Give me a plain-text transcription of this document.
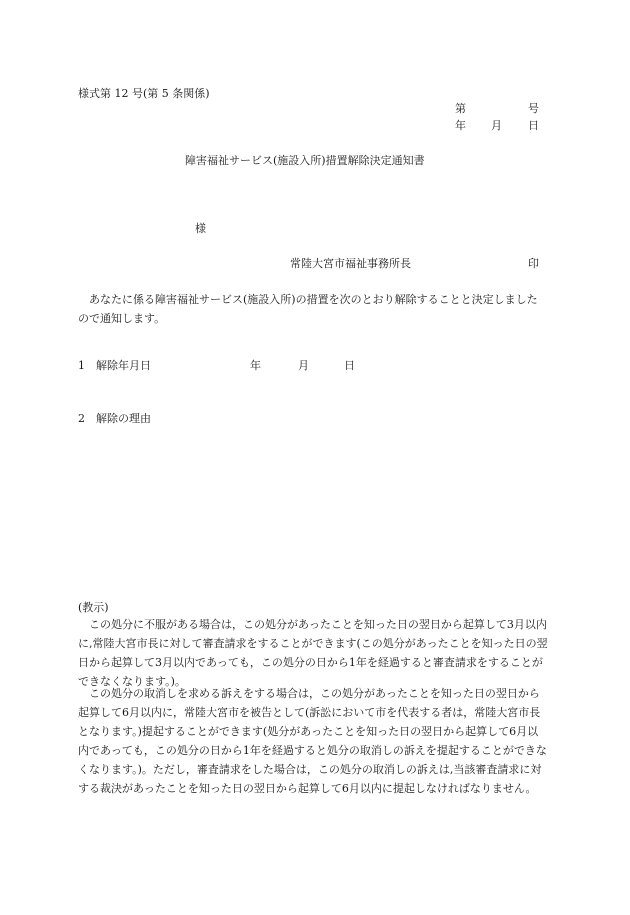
様式第 12 号(第 5 条関係)
第	号
年 月 日
障害福祉サービス(施設入所)措置解除決定通知書
様
常陸大宮市福祉事務所長	印
あなたに係る障害福祉サービス(施設入所)の措置を次のとおり解除することと決定しましたので通知します。
1　解除年月日	年	月	日
2　解除の理由
(教示)
この処分に不服がある場合は，この処分があったことを知った日の翌日から起算して3月以内に,常陸大宮市長に対して審査請求をすることができます(この処分があったことを知った日の翌日から起算して3月以内であっても，この処分の日から1年を経過すると審査請求をすることができなくなります。)。
この処分の取消しを求める訴えをする場合は，この処分があったことを知った日の翌日から起算して6月以内に，常陸大宮市を被告として(訴訟において市を代表する者は，常陸大宮市長となります。)提起することができます(処分があったことを知った日の翌日から起算して6月以内であっても，この処分の日から1年を経過すると処分の取消しの訴えを提起することができなくなります。)。ただし，審査請求をした場合は，この処分の取消しの訴えは,当該審査請求に対する裁決があったことを知った日の翌日から起算して6月以内に提起しなければなりません。
